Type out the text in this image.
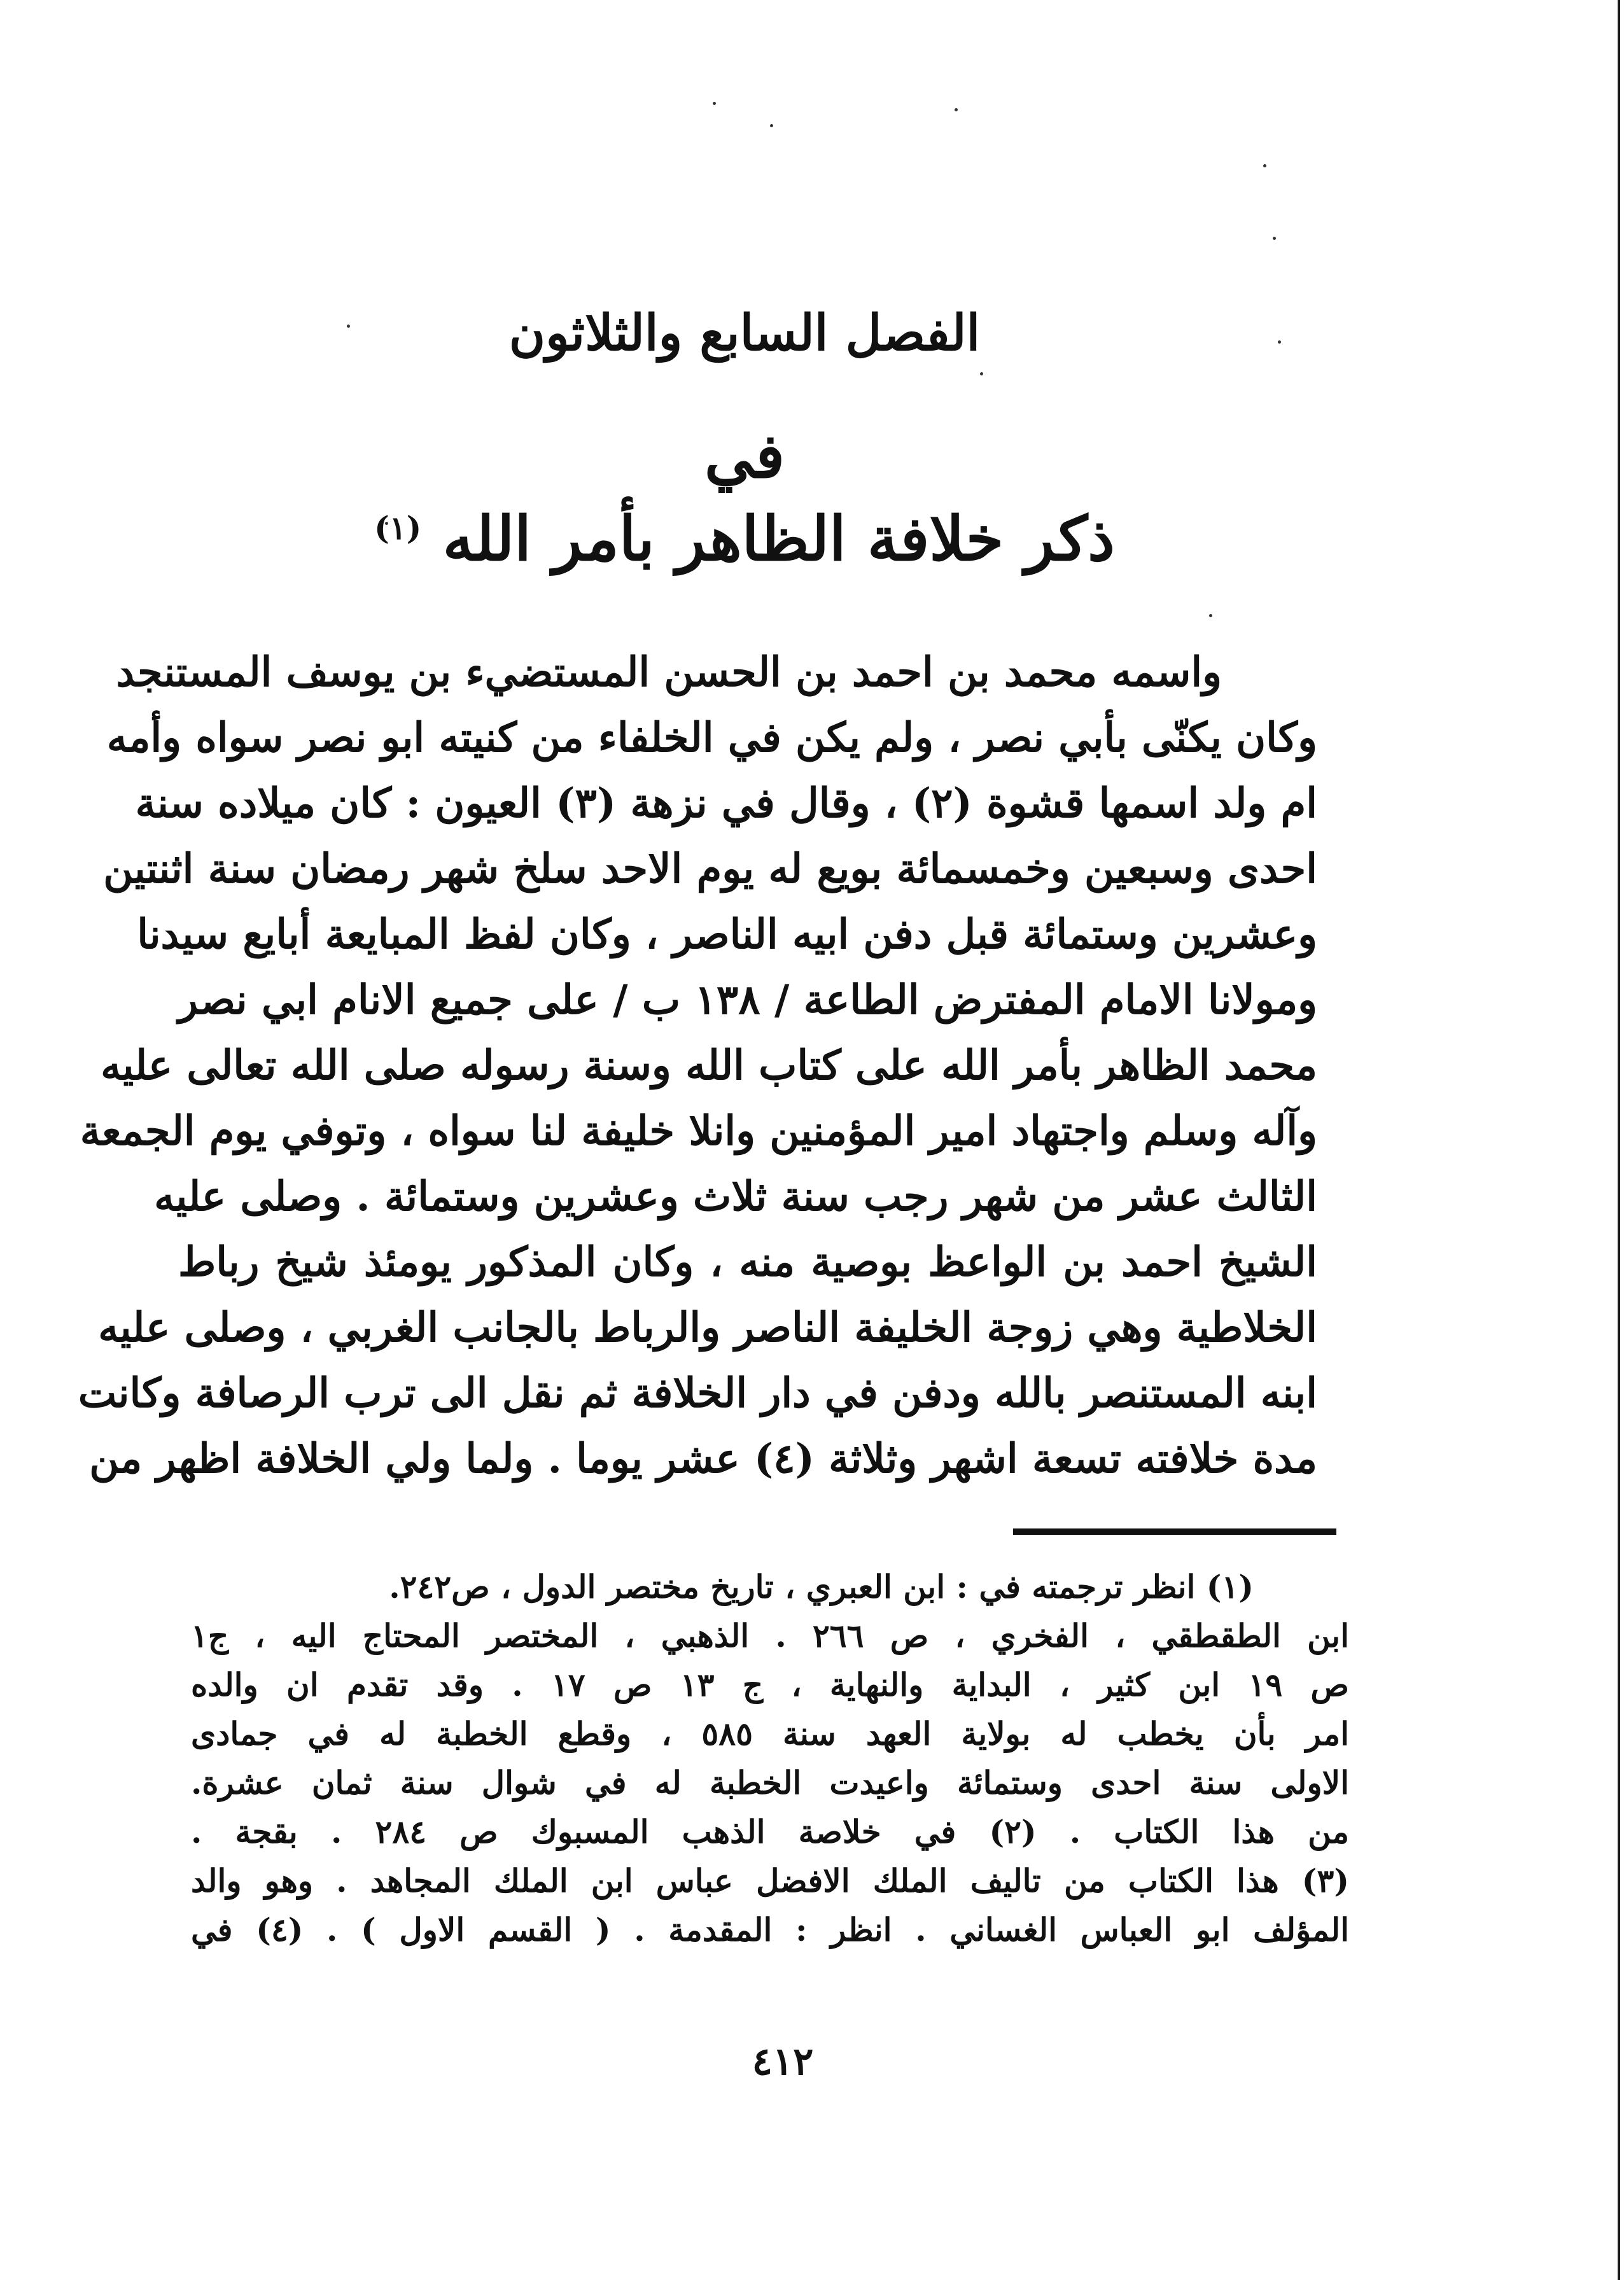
الفصل السابع والثلاثون
في
ذكر خلافة الظاهر بأمر الله $^{(١)}$
واسمه محمد بن احمد بن الحسن المستضيء بن يوسف المستنجد
وكان يكنّى بأبي نصر ، ولم يكن في الخلفاء من كنيته ابو نصر سواه وأمه
ام ولد اسمها قشوة (٢) ، وقال في نزهة (٣) العيون : كان ميلاده سنة
احدى وسبعين وخمسمائة بويع له يوم الاحد سلخ شهر رمضان سنة اثنتين
وعشرين وستمائة قبل دفن ابيه الناصر ، وكان لفظ المبايعة أبايع سيدنا
ومولانا الامام المفترض الطاعة / ١٣٨ ب / على جميع الانام ابي نصر
محمد الظاهر بأمر الله على كتاب الله وسنة رسوله صلى الله تعالى عليه
وآله وسلم واجتهاد امير المؤمنين وانلا خليفة لنا سواه ، وتوفي يوم الجمعة
الثالث عشر من شهر رجب سنة ثلاث وعشرين وستمائة . وصلى عليه
الشيخ احمد بن الواعظ بوصية منه ، وكان المذكور يومئذ شيخ رباط
الخلاطية وهي زوجة الخليفة الناصر والرباط بالجانب الغربي ، وصلى عليه
ابنه المستنصر بالله ودفن في دار الخلافة ثم نقل الى ترب الرصافة وكانت
مدة خلافته تسعة اشهر وثلاثة (٤) عشر يوما . ولما ولي الخلافة اظهر من
(١) انظر ترجمته في : ابن العبري ، تاريخ مختصر الدول ، ص٢٤٢.
ابن الطقطقي ، الفخري ، ص ٢٦٦ . الذهبي ، المختصر المحتاج اليه ، ج١
ص ١٩ ابن كثير ، البداية والنهاية ، ج ١٣ ص ١٧ . وقد تقدم ان والده
امر بأن يخطب له بولاية العهد سنة ٥٨٥ ، وقطع الخطبة له في جمادى
الاولى سنة احدى وستمائة واعيدت الخطبة له في شوال سنة ثمان عشرة.
من هذا الكتاب . (٢) في خلاصة الذهب المسبوك ص ٢٨٤ . بقجة .
(٣) هذا الكتاب من تاليف الملك الافضل عباس ابن الملك المجاهد . وهو والد
المؤلف ابو العباس الغساني . انظر : المقدمة . ( القسم الاول ) . (٤) في
٤١٢
